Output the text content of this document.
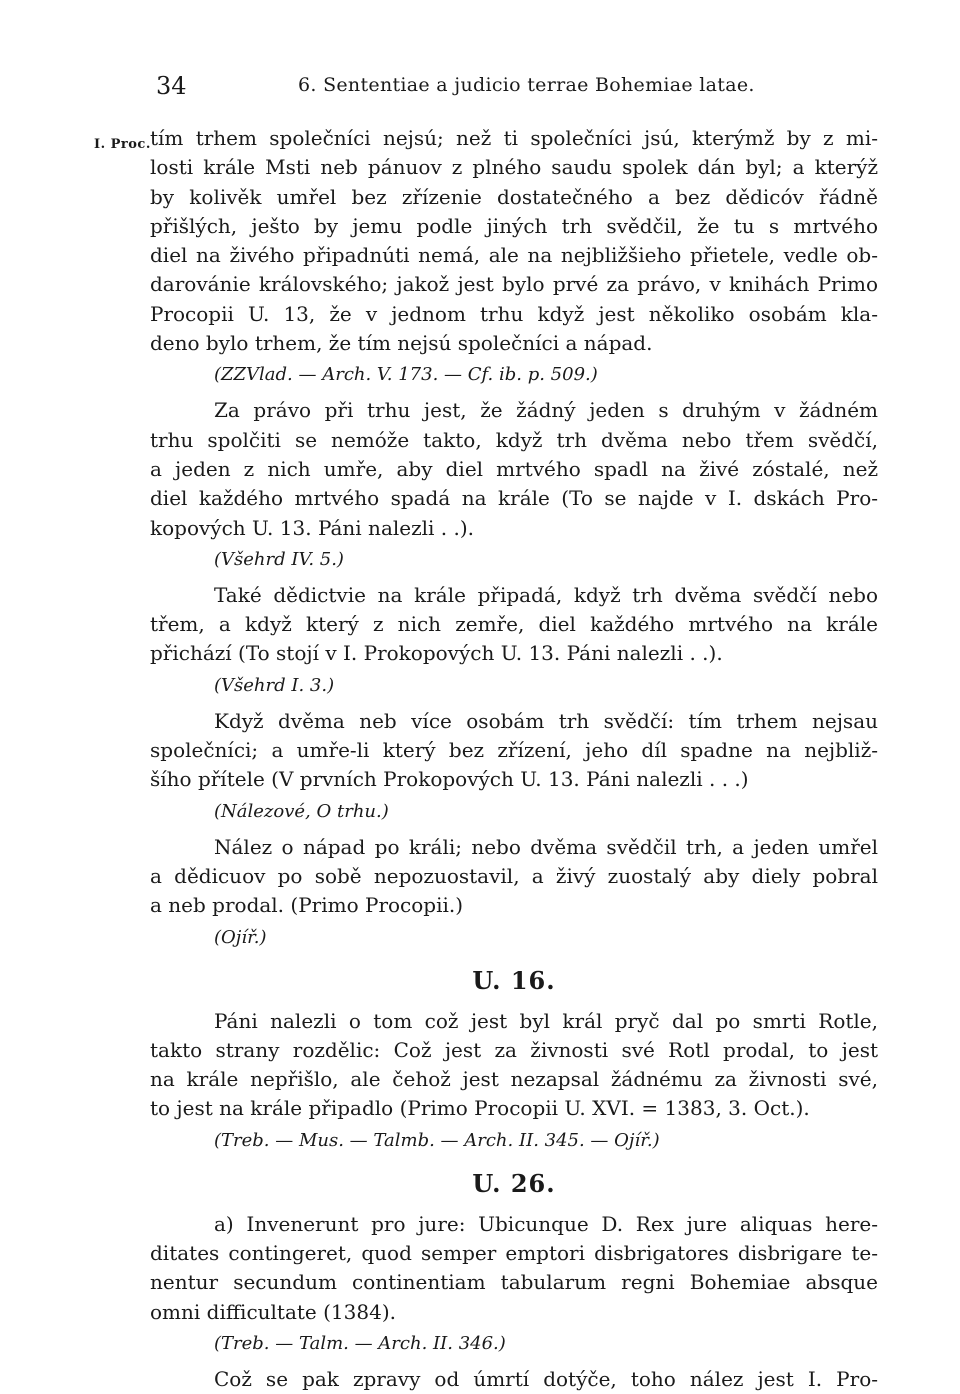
34	6. Sententiae a judicio terrae Bohemiae latae.
I. Proc. tím trhem společníci nejsú; než ti společníci jsú, kterýmž by z mi-
losti krále Msti neb pánuov z plného saudu spolek dán byl; a kterýž
by kolivěk umřel bez zřízenie dostatečného a bez dědicóv řádně
přišlých, ješto by jemu podle jiných trh svědčil, že tu s mrtvého
diel na živého připadnúti nemá, ale na nejbližšieho přietele, vedle ob-
darovánie královského; jakož jest bylo prvé za právo, v knihách Primo
Procopii U. 13, že v jednom trhu když jest několiko osobám kla-
deno bylo trhem, že tím nejsú společníci a nápad.
(ZZVlad. — Arch. V. 173. — Cf. ib. p. 509.)
Za právo při trhu jest, že žádný jeden s druhým v žádném
trhu spolčiti se nemóže takto, když trh dvěma nebo třem svědčí,
a jeden z nich umře, aby diel mrtvého spadl na živé zóstalé, než
diel každého mrtvého spadá na krále (To se najde v I. dskách Pro-
kopových U. 13. Páni nalezli . .).
(Všehrd IV. 5.)
Také dědictvie na krále připadá, když trh dvěma svědčí nebo
třem, a když který z nich zemře, diel každého mrtvého na krále
přichází (To stojí v I. Prokopových U. 13. Páni nalezli . .).
(Všehrd I. 3.)
Když dvěma neb více osobám trh svědčí: tím trhem nejsau
společníci; a umře-li který bez zřízení, jeho díl spadne na nejbliž-
šího přítele (V prvních Prokopových U. 13. Páni nalezli . . .)
(Nálezové, O trhu.)
Nález o nápad po králi; nebo dvěma svědčil trh, a jeden umřel
a dědicuov po sobě nepozuostavil, a živý zuostalý aby diely pobral
a neb prodal. (Primo Procopii.)
(Ojíř.)
U. 16.
Páni nalezli o tom což jest byl král pryč dal po smrti Rotle,
takto strany rozdělic: Což jest za živnosti své Rotl prodal, to jest
na krále nepřišlo, ale čehož jest nezapsal žádnému za živnosti své,
to jest na krále připadlo (Primo Procopii U. XVI. = 1383, 3. Oct.).
(Treb. — Mus. — Talmb. — Arch. II. 345. — Ojíř.)
U. 26.
a) Invenerunt pro jure: Ubicunque D. Rex jure aliquas here-
ditates contingeret, quod semper emptori disbrigatores disbrigare te-
nentur secundum continentiam tabularum regni Bohemiae absque
omni difficultate (1384).
(Treb. — Talm. — Arch. II. 346.)
Což se pak zpravy od úmrtí dotýče, toho nález jest I. Pro-
